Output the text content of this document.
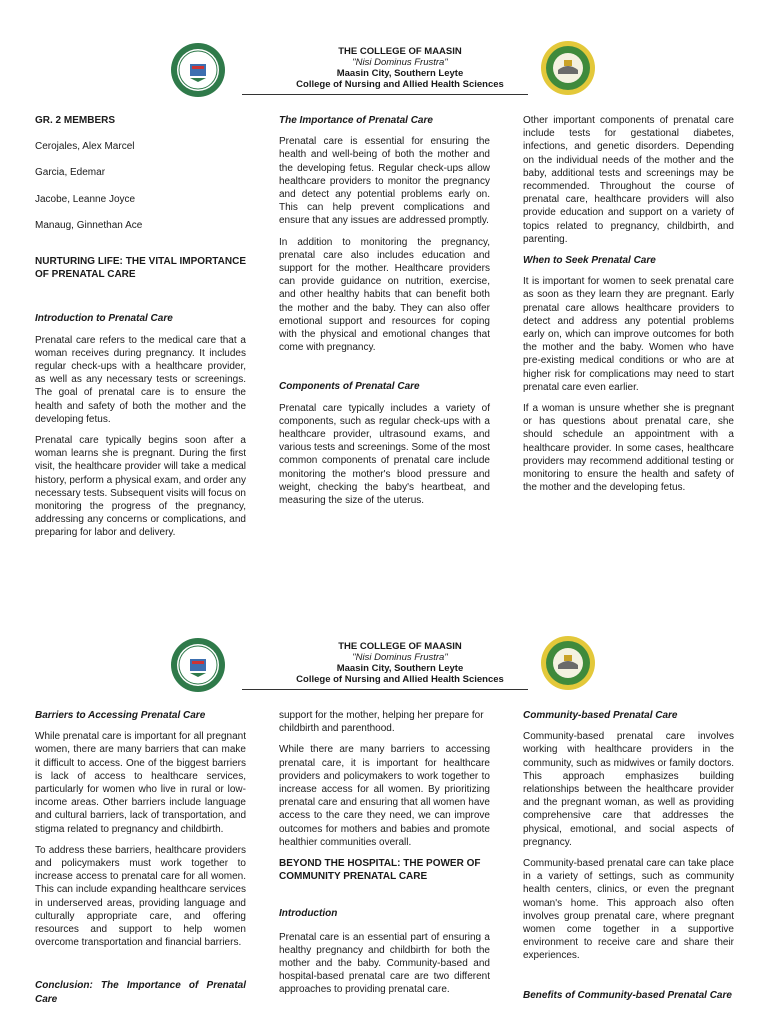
THE COLLEGE OF MAASIN
"Nisi Dominus Frustra"
Maasin City, Southern Leyte
College of Nursing and Allied Health Sciences
GR. 2 MEMBERS
Cerojales, Alex Marcel
Garcia, Edemar
Jacobe, Leanne Joyce
Manaug, Ginnethan Ace

NURTURING LIFE: THE VITAL IMPORTANCE OF PRENATAL CARE

Introduction to Prenatal Care

Prenatal care refers to the medical care that a woman receives during pregnancy. It includes regular check-ups with a healthcare provider, as well as any necessary tests or screenings. The goal of prenatal care is to ensure the health and safety of both the mother and the developing fetus.

Prenatal care typically begins soon after a woman learns she is pregnant. During the first visit, the healthcare provider will take a medical history, perform a physical exam, and order any necessary tests. Subsequent visits will focus on monitoring the progress of the pregnancy, addressing any concerns or complications, and preparing for labor and delivery.

The Importance of Prenatal Care

Prenatal care is essential for ensuring the health and well-being of both the mother and the developing fetus. Regular check-ups allow healthcare providers to monitor the pregnancy and detect any potential problems early on. This can help prevent complications and ensure that any issues are addressed promptly.

In addition to monitoring the pregnancy, prenatal care also includes education and support for the mother. Healthcare providers can provide guidance on nutrition, exercise, and other healthy habits that can benefit both the mother and the baby. They can also offer emotional support and resources for coping with the physical and emotional changes that come with pregnancy.

Components of Prenatal Care

Prenatal care typically includes a variety of components, such as regular check-ups with a healthcare provider, ultrasound exams, and various tests and screenings. Some of the most common components of prenatal care include monitoring the mother's blood pressure and weight, checking the baby's heartbeat, and measuring the size of the uterus.

Other important components of prenatal care include tests for gestational diabetes, infections, and genetic disorders. Depending on the individual needs of the mother and the baby, additional tests and screenings may be recommended. Throughout the course of prenatal care, healthcare providers will also provide education and support on a variety of topics related to pregnancy, childbirth, and parenting.

When to Seek Prenatal Care

It is important for women to seek prenatal care as soon as they learn they are pregnant. Early prenatal care allows healthcare providers to detect and address any potential problems early on, which can improve outcomes for both the mother and the baby. Women who have pre-existing medical conditions or who are at higher risk for complications may need to start prenatal care even earlier.

If a woman is unsure whether she is pregnant or has questions about prenatal care, she should schedule an appointment with a healthcare provider. In some cases, healthcare providers may recommend additional testing or monitoring to ensure the health and safety of the mother and the developing fetus.

THE COLLEGE OF MAASIN
"Nisi Dominus Frustra"
Maasin City, Southern Leyte
College of Nursing and Allied Health Sciences
Barriers to Accessing Prenatal Care

While prenatal care is important for all pregnant women, there are many barriers that can make it difficult to access. One of the biggest barriers is lack of access to healthcare services, particularly for women who live in rural or low-income areas. Other barriers include language and cultural barriers, lack of transportation, and stigma related to pregnancy and childbirth.

To address these barriers, healthcare providers and policymakers must work together to increase access to prenatal care for all women. This can include expanding healthcare services in underserved areas, providing language and culturally appropriate care, and offering resources and support to help women overcome transportation and financial barriers.

Conclusion: The Importance of Prenatal Care

support for the mother, helping her prepare for childbirth and parenthood.

While there are many barriers to accessing prenatal care, it is important for healthcare providers and policymakers to work together to increase access for all women. By prioritizing prenatal care and ensuring that all women have access to the care they need, we can improve outcomes for mothers and babies and promote healthier communities overall.

BEYOND THE HOSPITAL: THE POWER OF COMMUNITY PRENATAL CARE
Introduction

Prenatal care is an essential part of ensuring a healthy pregnancy and childbirth for both the mother and the baby. Community-based and hospital-based prenatal care are two different approaches to providing prenatal care.

Community-based Prenatal Care

Community-based prenatal care involves working with healthcare providers in the community, such as midwives or family doctors. This approach emphasizes building relationships between the healthcare provider and the pregnant woman, as well as providing comprehensive care that addresses the physical, emotional, and social aspects of pregnancy.

Community-based prenatal care can take place in a variety of settings, such as community health centers, clinics, or even the pregnant woman's home. This approach also often involves group prenatal care, where pregnant women come together in a supportive environment to receive care and share their experiences.

Benefits of Community-based Prenatal Care
